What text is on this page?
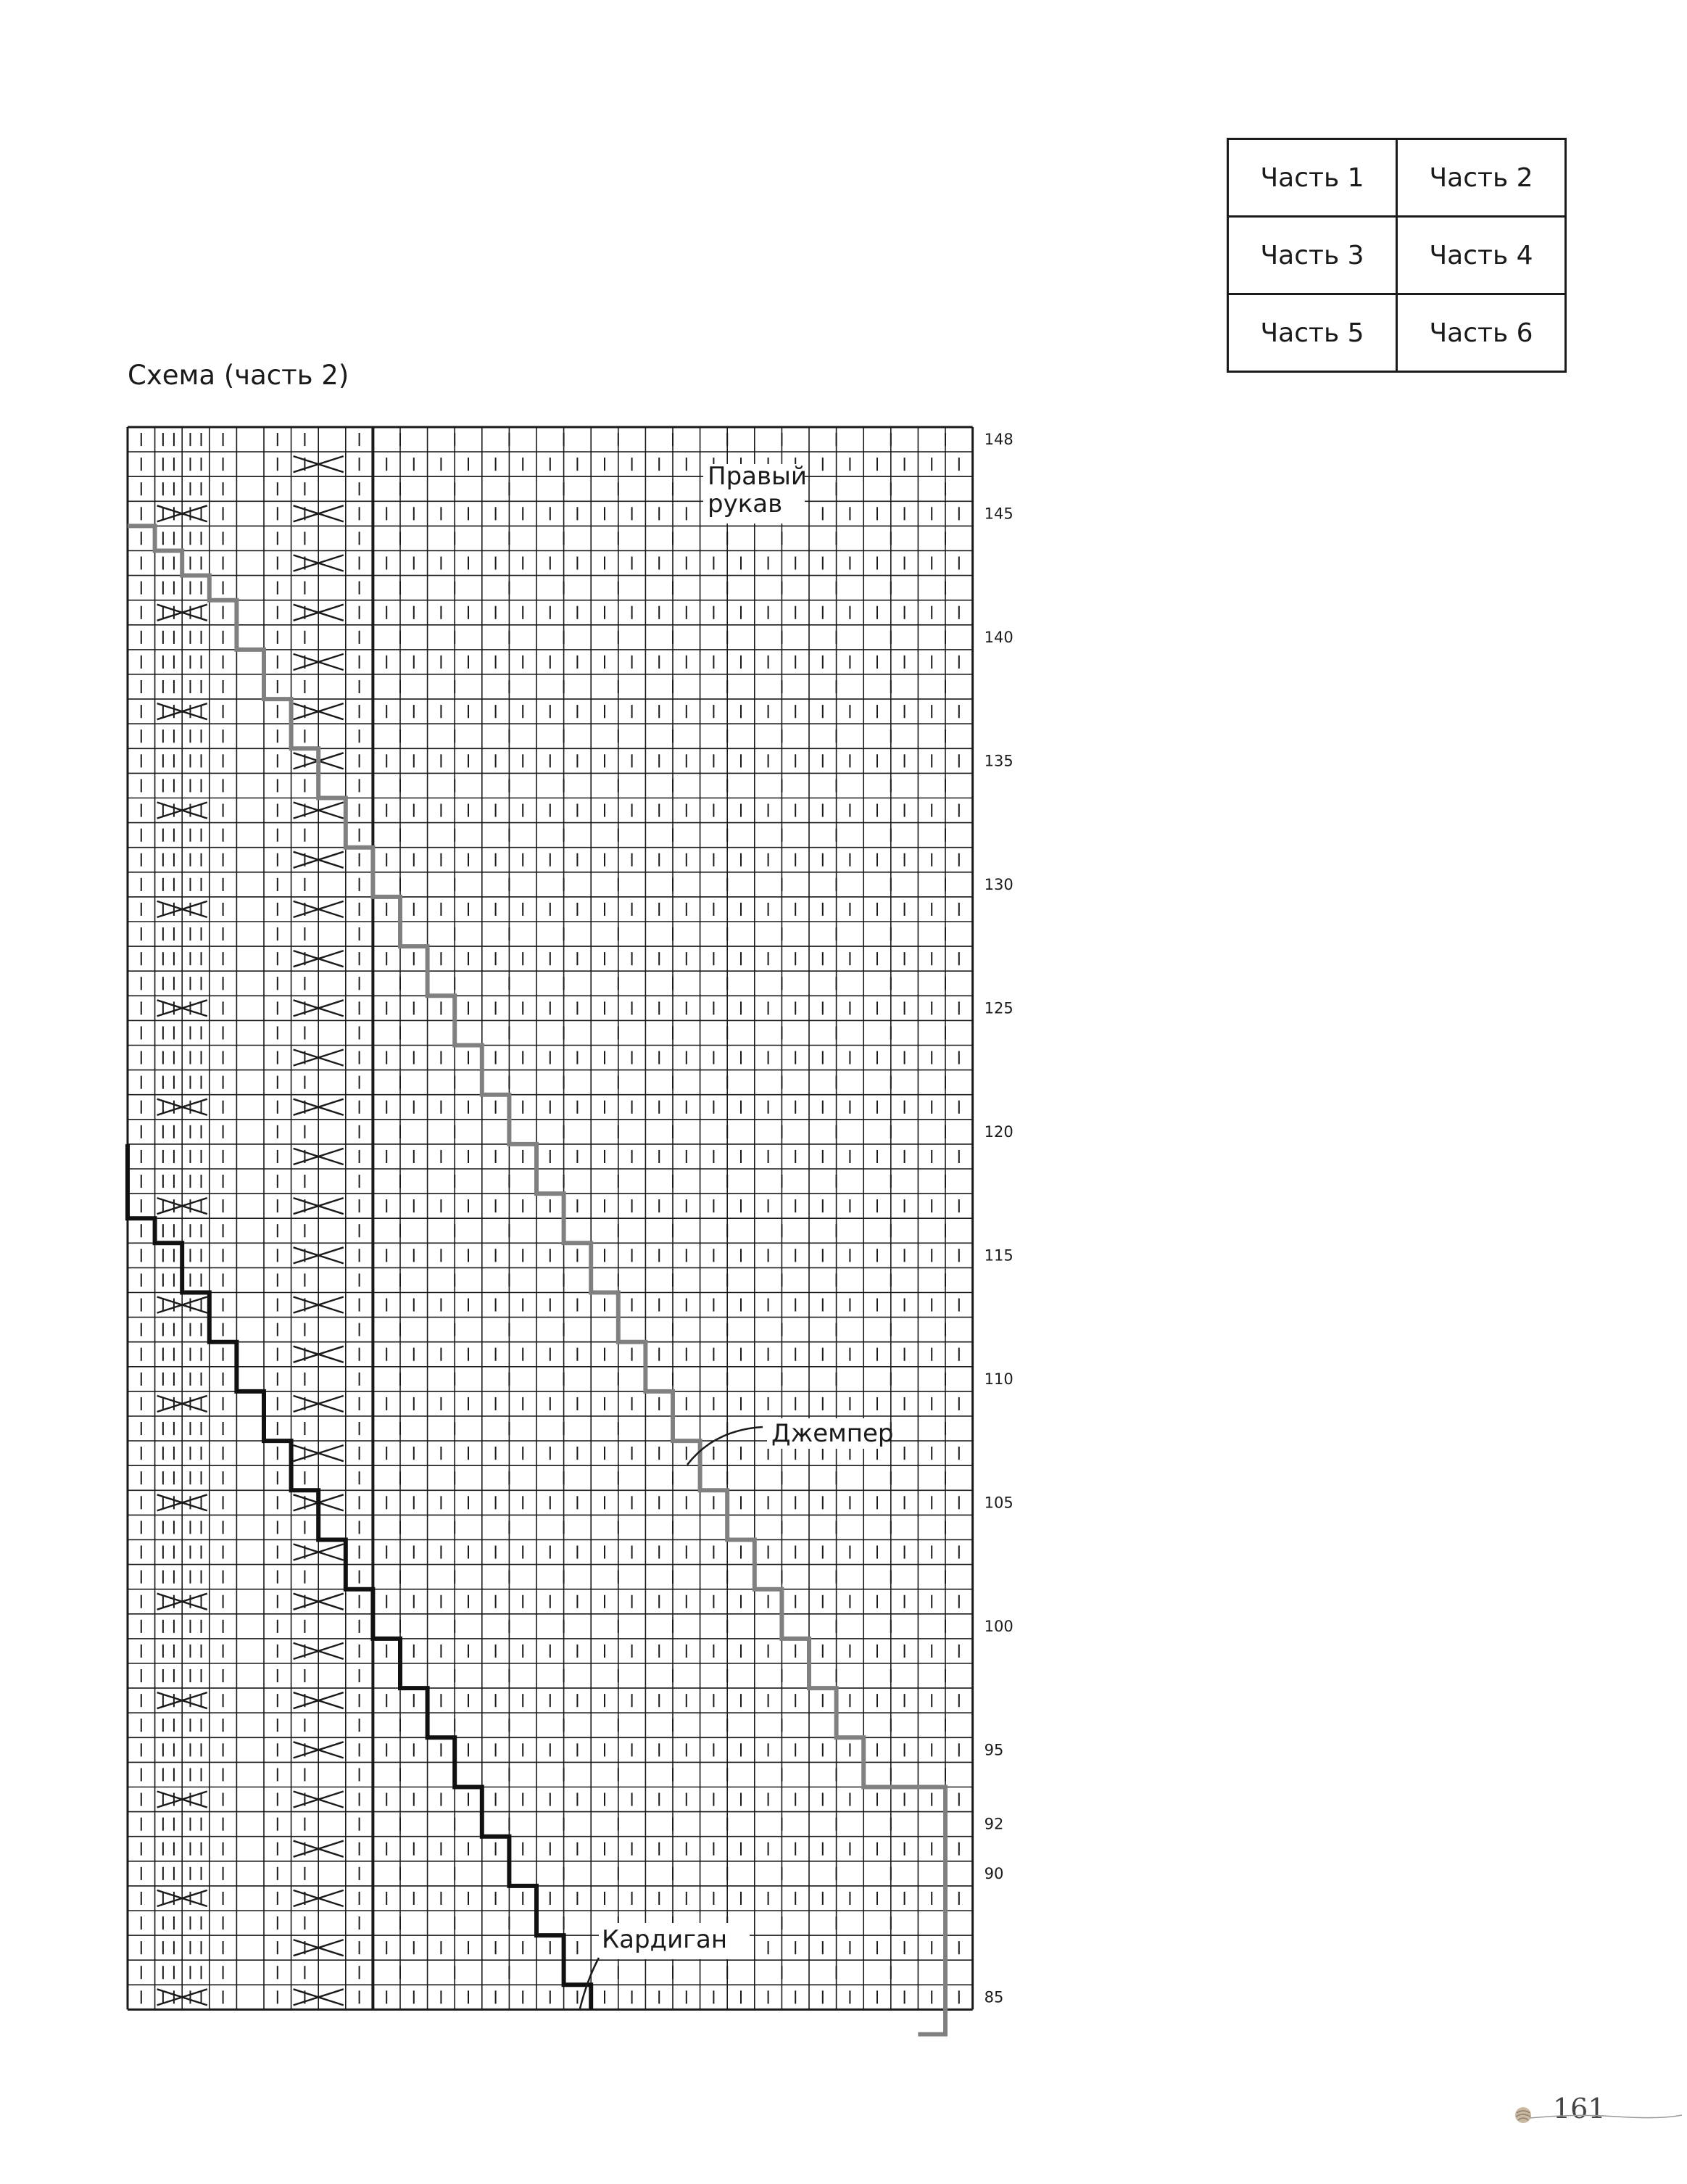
Часть 1	Часть 2
Часть 3	Часть 4
Часть 5	Часть 6
Схема (часть 2)
148
145
140
135
130
125
120
115
110
105
100
95
92
90
85
Правый
рукав
Джемпер
Кардиган
161
